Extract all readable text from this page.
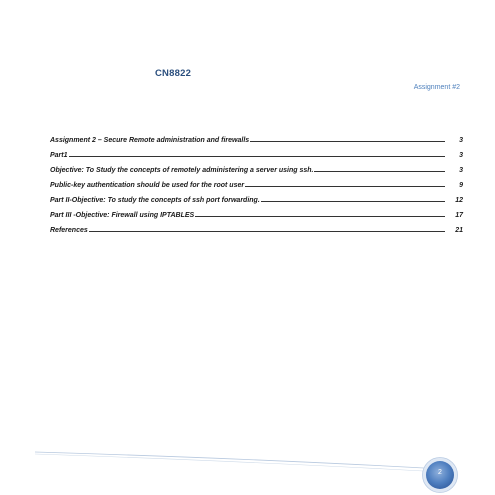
CN8822
Assignment #2
Assignment 2 – Secure Remote administration and firewalls	3
Part1	3
Objective: To Study the concepts of remotely administering a server using ssh.	3
Public-key authentication should be used for the root user	9
Part II-Objective: To study the concepts of ssh port forwarding.	12
Part III -Objective: Firewall using IPTABLES	17
References	21
2
